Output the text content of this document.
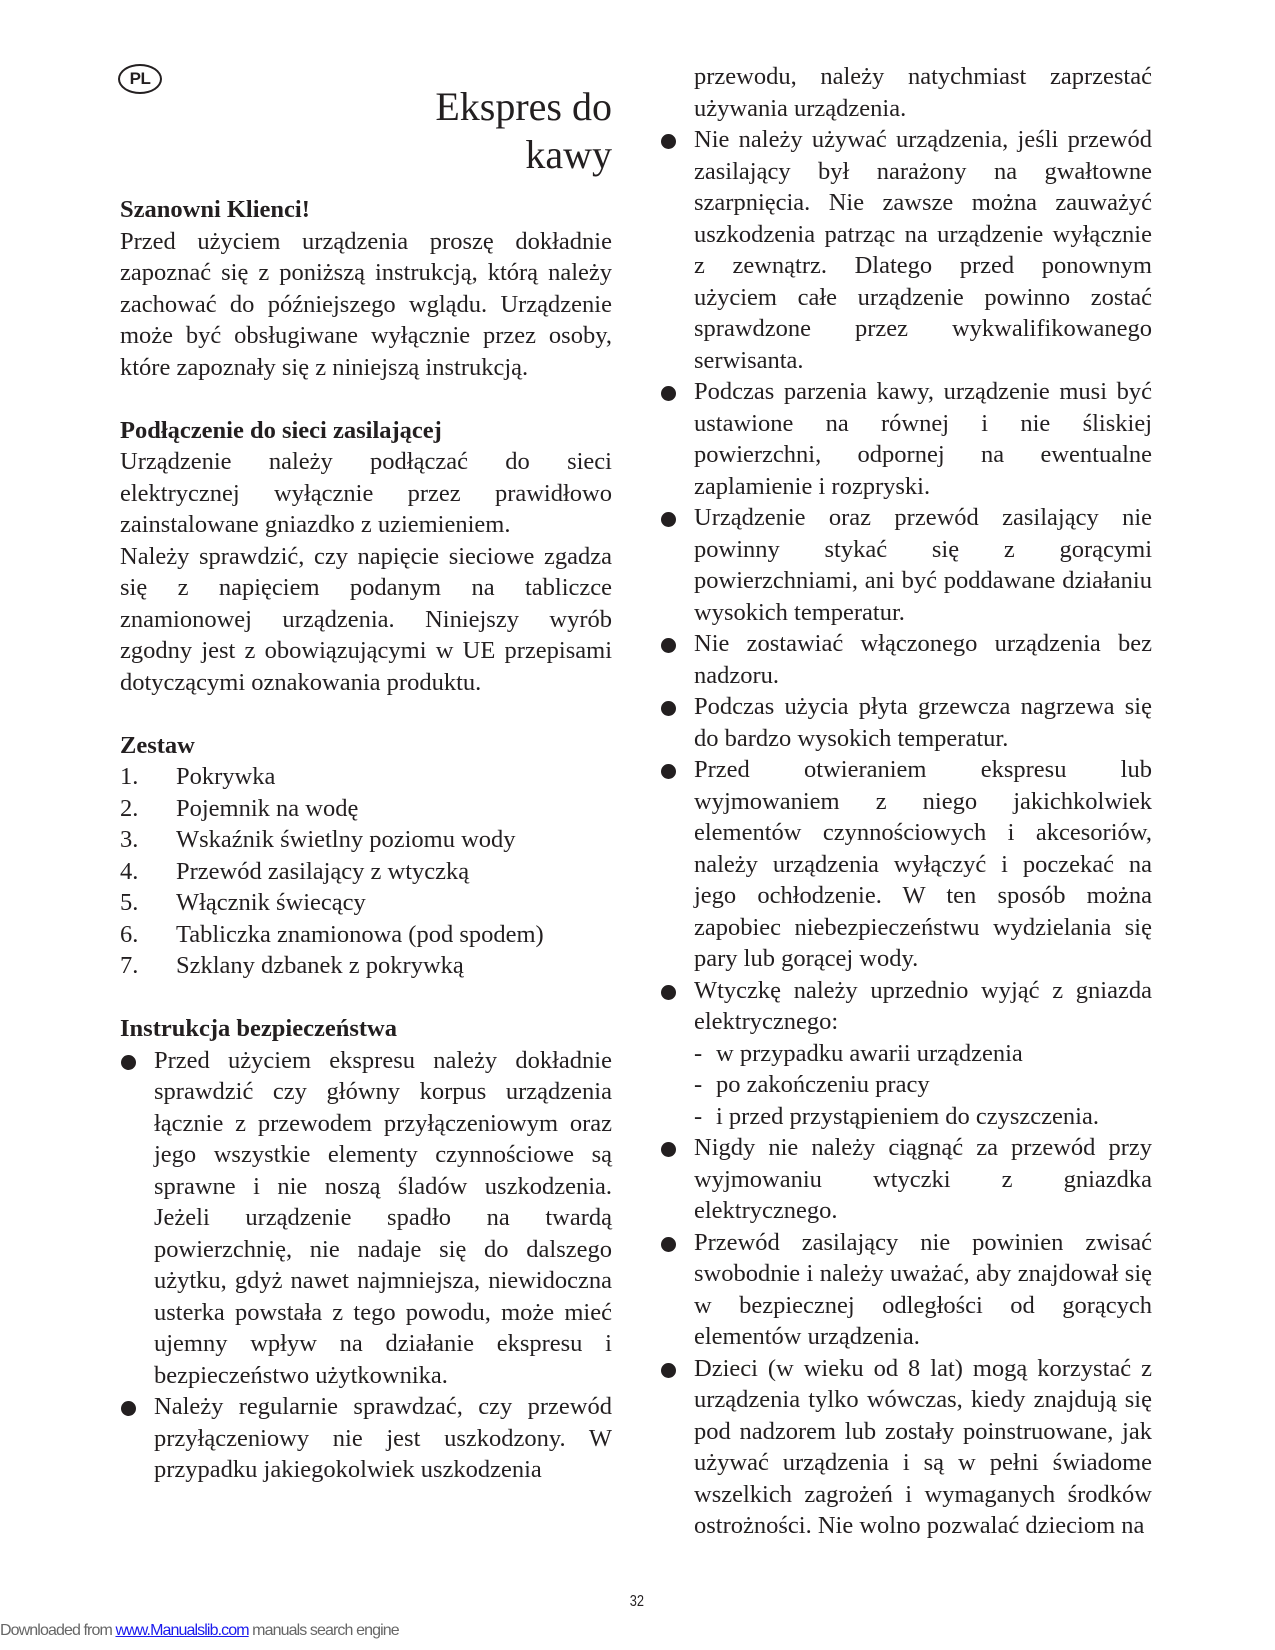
PL
Ekspres do kawy

Szanowni Klienci!

Przed użyciem urządzenia proszę dokładnie zapoznać się z poniższą instrukcją, którą należy zachować do późniejszego wglądu. Urządzenie może być obsługiwane wyłącznie przez osoby, które zapoznały się z niniejszą instrukcją.

Podłączenie do sieci zasilającej

Urządzenie należy podłączać do sieci elektrycznej wyłącznie przez prawidłowo zainstalowane gniazdko z uziemieniem.

Należy sprawdzić, czy napięcie sieciowe zgadza się z napięciem podanym na tabliczce znamionowej urządzenia. Niniejszy wyrób zgodny jest z obowiązującymi w UE przepisami dotyczącymi oznakowania produktu.

Zestaw

1.	Pokrywka
2.	Pojemnik na wodę
3.	Wskaźnik świetlny poziomu wody
4.	Przewód zasilający z wtyczką
5.	Włącznik świecący
6.	Tabliczka znamionowa (pod spodem)
7.	Szklany dzbanek z pokrywką

Instrukcja bezpieczeństwa

Przed użyciem ekspresu należy dokładnie sprawdzić czy główny korpus urządzenia łącznie z przewodem przyłączeniowym oraz jego wszystkie elementy czynnościowe są sprawne i nie noszą śladów uszkodzenia. Jeżeli urządzenie spadło na twardą powierzchnię, nie nadaje się do dalszego użytku, gdyż nawet najmniejsza, niewidoczna usterka powstała z tego powodu, może mieć ujemny wpływ na działanie ekspresu i bezpieczeństwo użytkownika.
Należy regularnie sprawdzać, czy przewód przyłączeniowy nie jest uszkodzony. W przypadku jakiegokolwiek uszkodzenia

przewodu, należy natychmiast zaprzestać używania urządzenia.

Nie należy używać urządzenia, jeśli przewód zasilający był narażony na gwałtowne szarpnięcia. Nie zawsze można zauważyć uszkodzenia patrząc na urządzenie wyłącznie z zewnątrz. Dlatego przed ponownym użyciem całe urządzenie powinno zostać sprawdzone przez wykwalifikowanego serwisanta.
Podczas parzenia kawy, urządzenie musi być ustawione na równej i nie śliskiej powierzchni, odpornej na ewentualne zaplamienie i rozpryski.
Urządzenie oraz przewód zasilający nie powinny stykać się z gorącymi powierzchniami, ani być poddawane działaniu wysokich temperatur.
Nie zostawiać włączonego urządzenia bez nadzoru.
Podczas użycia płyta grzewcza nagrzewa się do bardzo wysokich temperatur.
Przed otwieraniem ekspresu lub wyjmowaniem z niego jakichkolwiek elementów czynnościowych i akcesoriów, należy urządzenia wyłączyć i poczekać na jego ochłodzenie. W ten sposób można zapobiec niebezpieczeństwu wydzielania się pary lub gorącej wody.
Wtyczkę należy uprzednio wyjąć z gniazda elektrycznego:
- w przypadku awarii urządzenia
- po zakończeniu pracy
- i przed przystąpieniem do czyszczenia.
Nigdy nie należy ciągnąć za przewód przy wyjmowaniu wtyczki z gniazdka elektrycznego.
Przewód zasilający nie powinien zwisać swobodnie i należy uważać, aby znajdował się w bezpiecznej odległości od gorących elementów urządzenia.
Dzieci (w wieku od 8 lat) mogą korzystać z urządzenia tylko wówczas, kiedy znajdują się pod nadzorem lub zostały poinstruowane, jak używać urządzenia i są w pełni świadome wszelkich zagrożeń i wymaganych środków ostrożności. Nie wolno pozwalać dzieciom na
32
Downloaded from www.Manualslib.com manuals search engine
